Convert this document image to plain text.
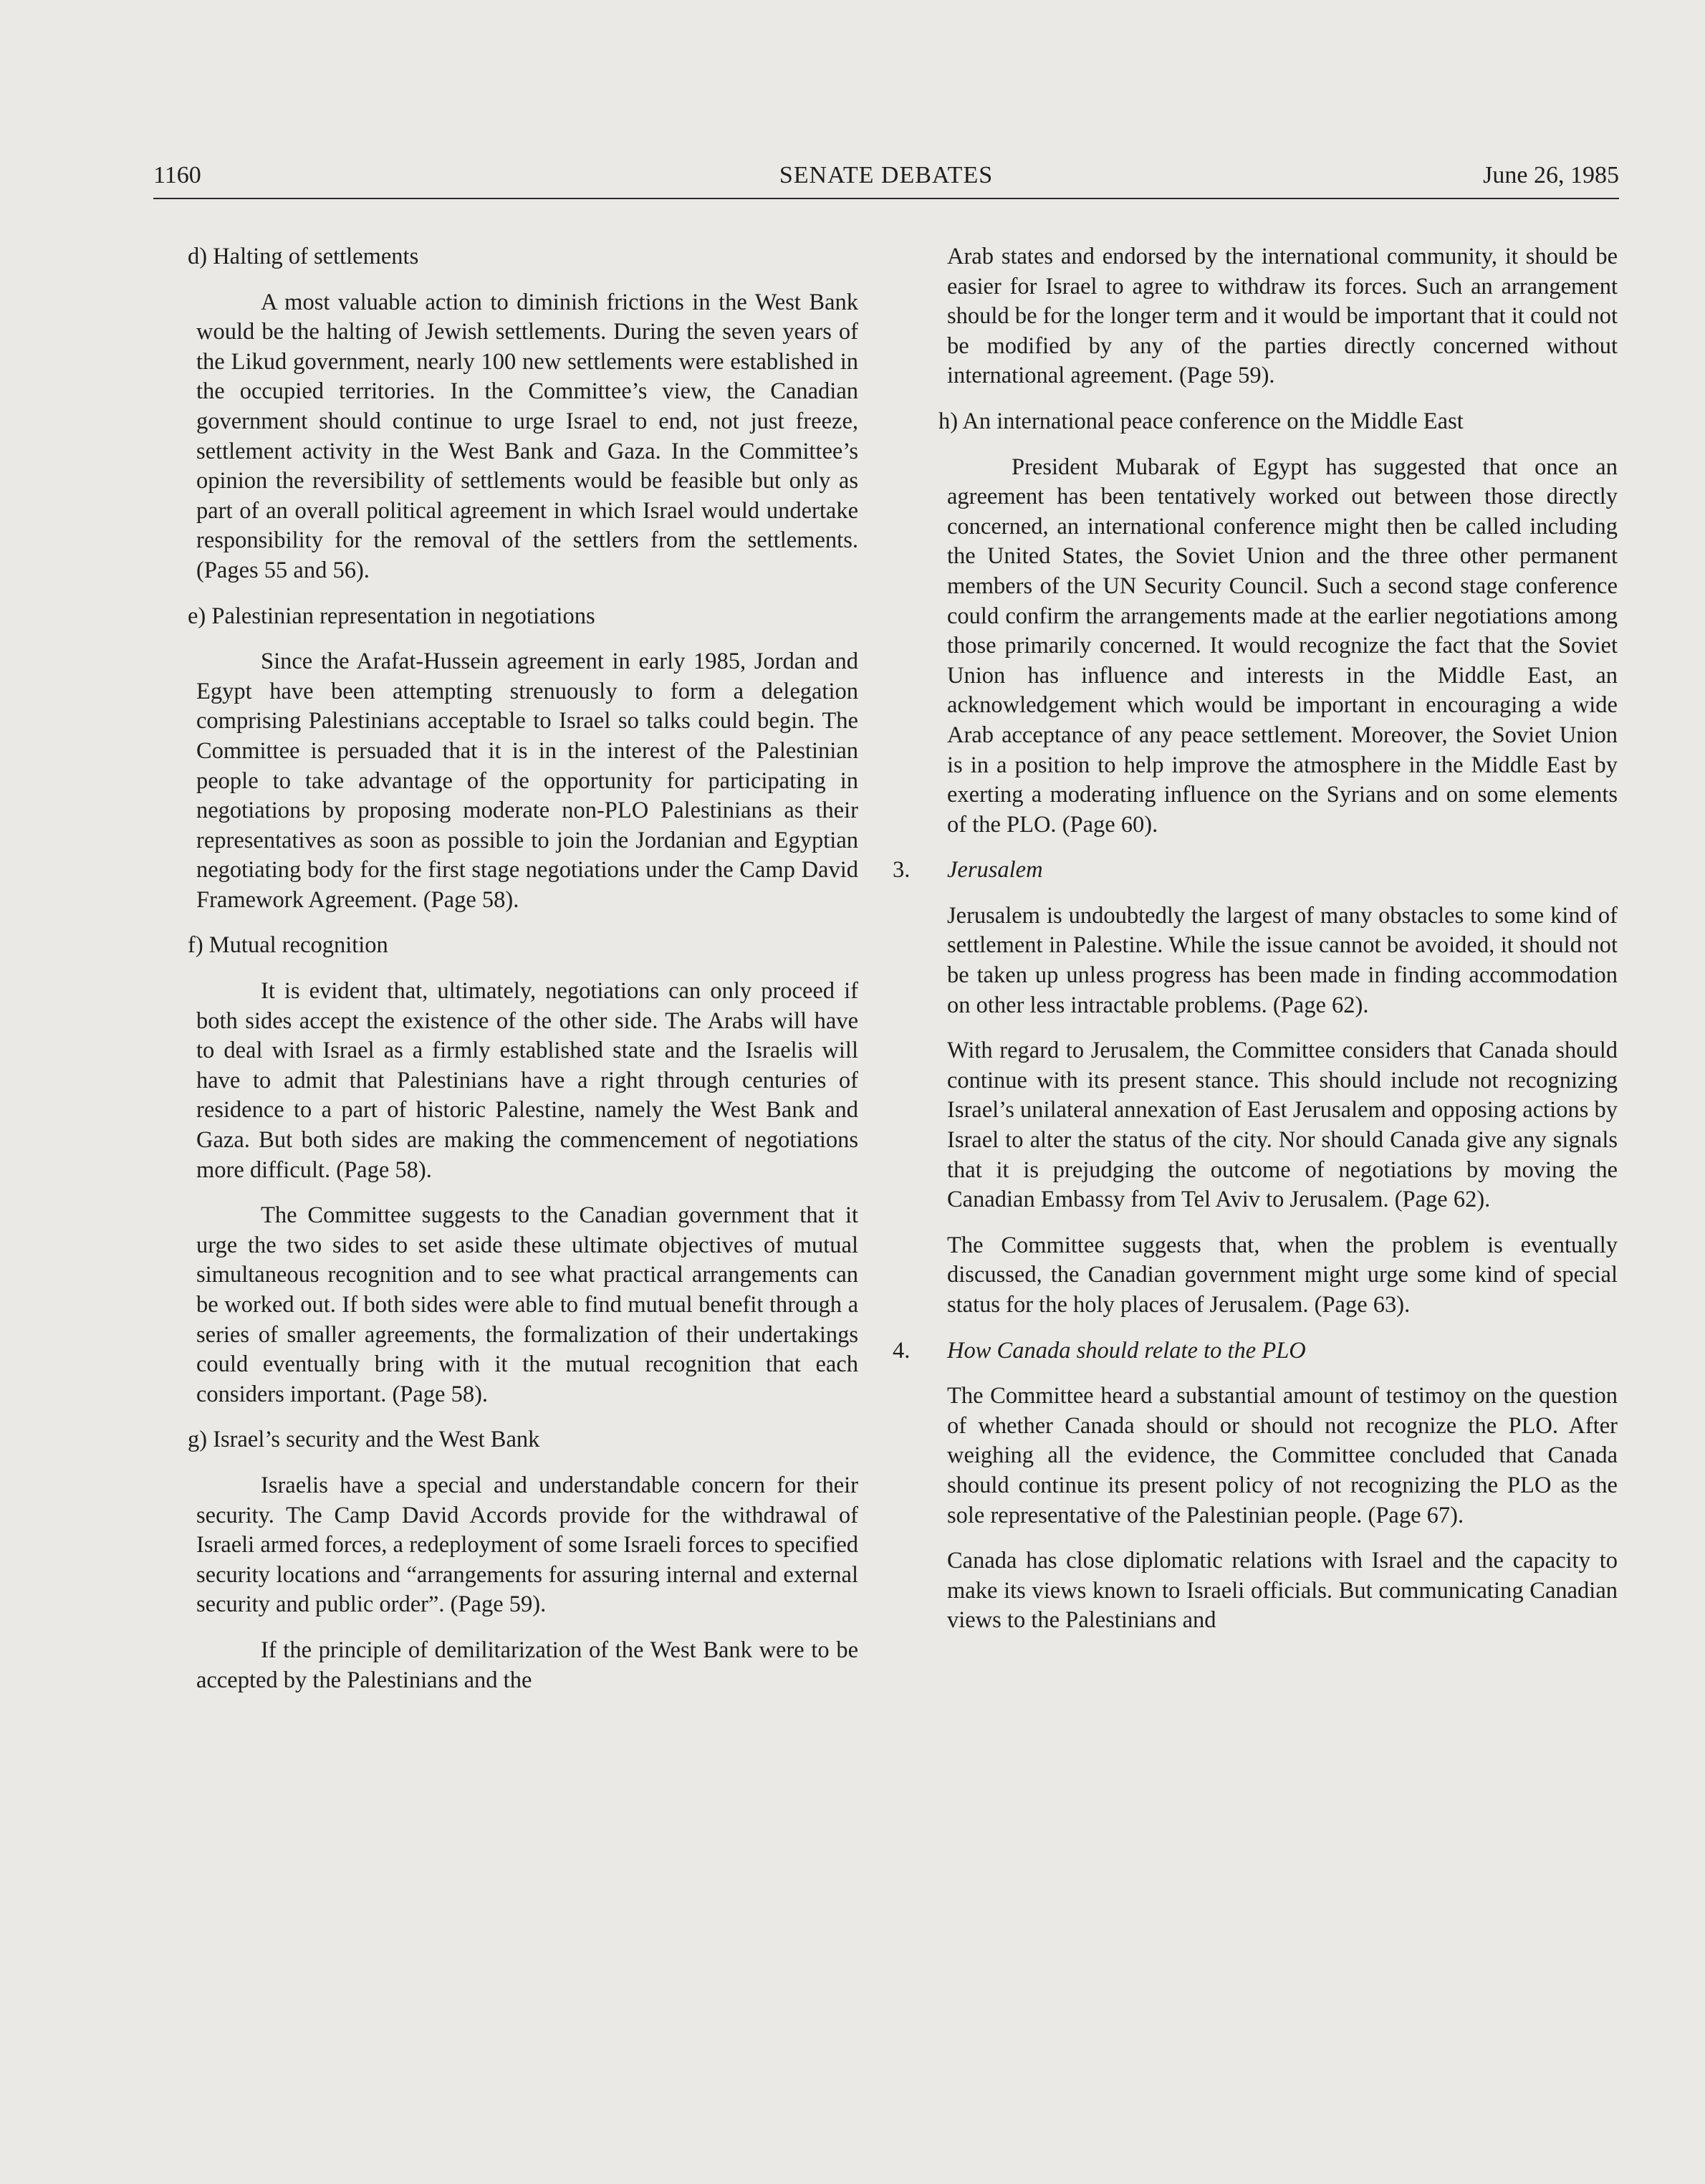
1160	SENATE DEBATES	June 26, 1985
d) Halting of settlements

A most valuable action to diminish frictions in the West Bank would be the halting of Jewish settlements. During the seven years of the Likud government, nearly 100 new settlements were established in the occupied territories. In the Committee’s view, the Canadian government should continue to urge Israel to end, not just freeze, settlement activity in the West Bank and Gaza. In the Committee’s opinion the reversibility of settlements would be feasible but only as part of an overall political agreement in which Israel would undertake responsibility for the removal of the settlers from the settlements. (Pages 55 and 56).

e) Palestinian representation in negotiations

Since the Arafat-Hussein agreement in early 1985, Jordan and Egypt have been attempting strenuously to form a delegation comprising Palestinians acceptable to Israel so talks could begin. The Committee is persuaded that it is in the interest of the Palestinian people to take advantage of the opportunity for participating in negotiations by proposing moderate non-PLO Palestinians as their representatives as soon as possible to join the Jordanian and Egyptian negotiating body for the first stage negotiations under the Camp David Framework Agreement. (Page 58).

f) Mutual recognition

It is evident that, ultimately, negotiations can only proceed if both sides accept the existence of the other side. The Arabs will have to deal with Israel as a firmly established state and the Israelis will have to admit that Palestinians have a right through centuries of residence to a part of historic Palestine, namely the West Bank and Gaza. But both sides are making the commencement of negotiations more difficult. (Page 58).

The Committee suggests to the Canadian government that it urge the two sides to set aside these ultimate objectives of mutual simultaneous recognition and to see what practical arrangements can be worked out. If both sides were able to find mutual benefit through a series of smaller agreements, the formalization of their undertakings could eventually bring with it the mutual recognition that each considers important. (Page 58).

g) Israel’s security and the West Bank

Israelis have a special and understandable concern for their security. The Camp David Accords provide for the withdrawal of Israeli armed forces, a redeployment of some Israeli forces to specified security locations and “arrangements for assuring internal and external security and public order”. (Page 59).

If the principle of demilitarization of the West Bank were to be accepted by the Palestinians and the

Arab states and endorsed by the international community, it should be easier for Israel to agree to withdraw its forces. Such an arrangement should be for the longer term and it would be important that it could not be modified by any of the parties directly concerned without international agreement. (Page 59).

h) An international peace conference on the Middle East

President Mubarak of Egypt has suggested that once an agreement has been tentatively worked out between those directly concerned, an international conference might then be called including the United States, the Soviet Union and the three other permanent members of the UN Security Council. Such a second stage conference could confirm the arrangements made at the earlier negotiations among those primarily concerned. It would recognize the fact that the Soviet Union has influence and interests in the Middle East, an acknowledgement which would be important in encouraging a wide Arab acceptance of any peace settlement. Moreover, the Soviet Union is in a position to help improve the atmosphere in the Middle East by exerting a moderating influence on the Syrians and on some elements of the PLO. (Page 60).

3. Jerusalem

Jerusalem is undoubtedly the largest of many obstacles to some kind of settlement in Palestine. While the issue cannot be avoided, it should not be taken up unless progress has been made in finding accommodation on other less intractable problems. (Page 62).

With regard to Jerusalem, the Committee considers that Canada should continue with its present stance. This should include not recognizing Israel’s unilateral annexation of East Jerusalem and opposing actions by Israel to alter the status of the city. Nor should Canada give any signals that it is prejudging the outcome of negotiations by moving the Canadian Embassy from Tel Aviv to Jerusalem. (Page 62).

The Committee suggests that, when the problem is eventually discussed, the Canadian government might urge some kind of special status for the holy places of Jerusalem. (Page 63).

4. How Canada should relate to the PLO

The Committee heard a substantial amount of testimoy on the question of whether Canada should or should not recognize the PLO. After weighing all the evidence, the Committee concluded that Canada should continue its present policy of not recognizing the PLO as the sole representative of the Palestinian people. (Page 67).

Canada has close diplomatic relations with Israel and the capacity to make its views known to Israeli officials. But communicating Canadian views to the Palestinians and
